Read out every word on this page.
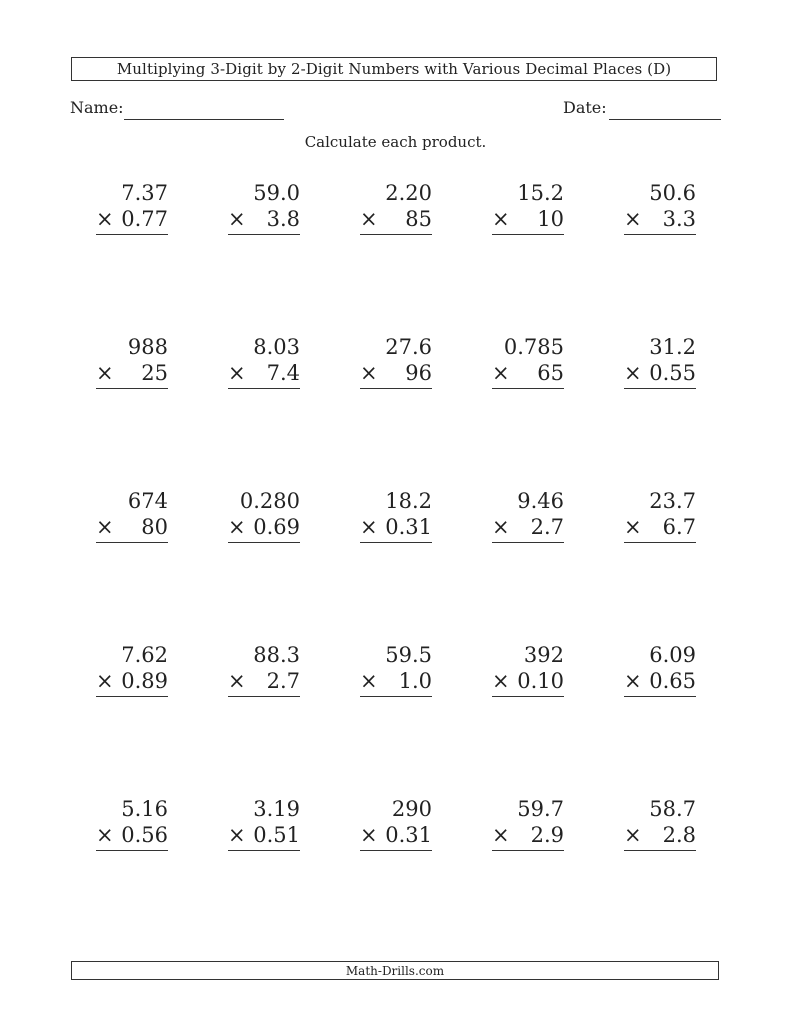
Multiplying 3-Digit by 2-Digit Numbers with Various Decimal Places (D)
Name:	Date:
Calculate each product.
7.37
× 0.77
59.0
× 3.8
2.20
× 85
15.2
× 10
50.6
× 3.3
988
× 25
8.03
× 7.4
27.6
× 96
0.785
× 65
31.2
× 0.55
674
× 80
0.280
× 0.69
18.2
× 0.31
9.46
× 2.7
23.7
× 6.7
7.62
× 0.89
88.3
× 2.7
59.5
× 1.0
392
× 0.10
6.09
× 0.65
5.16
× 0.56
3.19
× 0.51
290
× 0.31
59.7
× 2.9
58.7
× 2.8
Math-Drills.com
